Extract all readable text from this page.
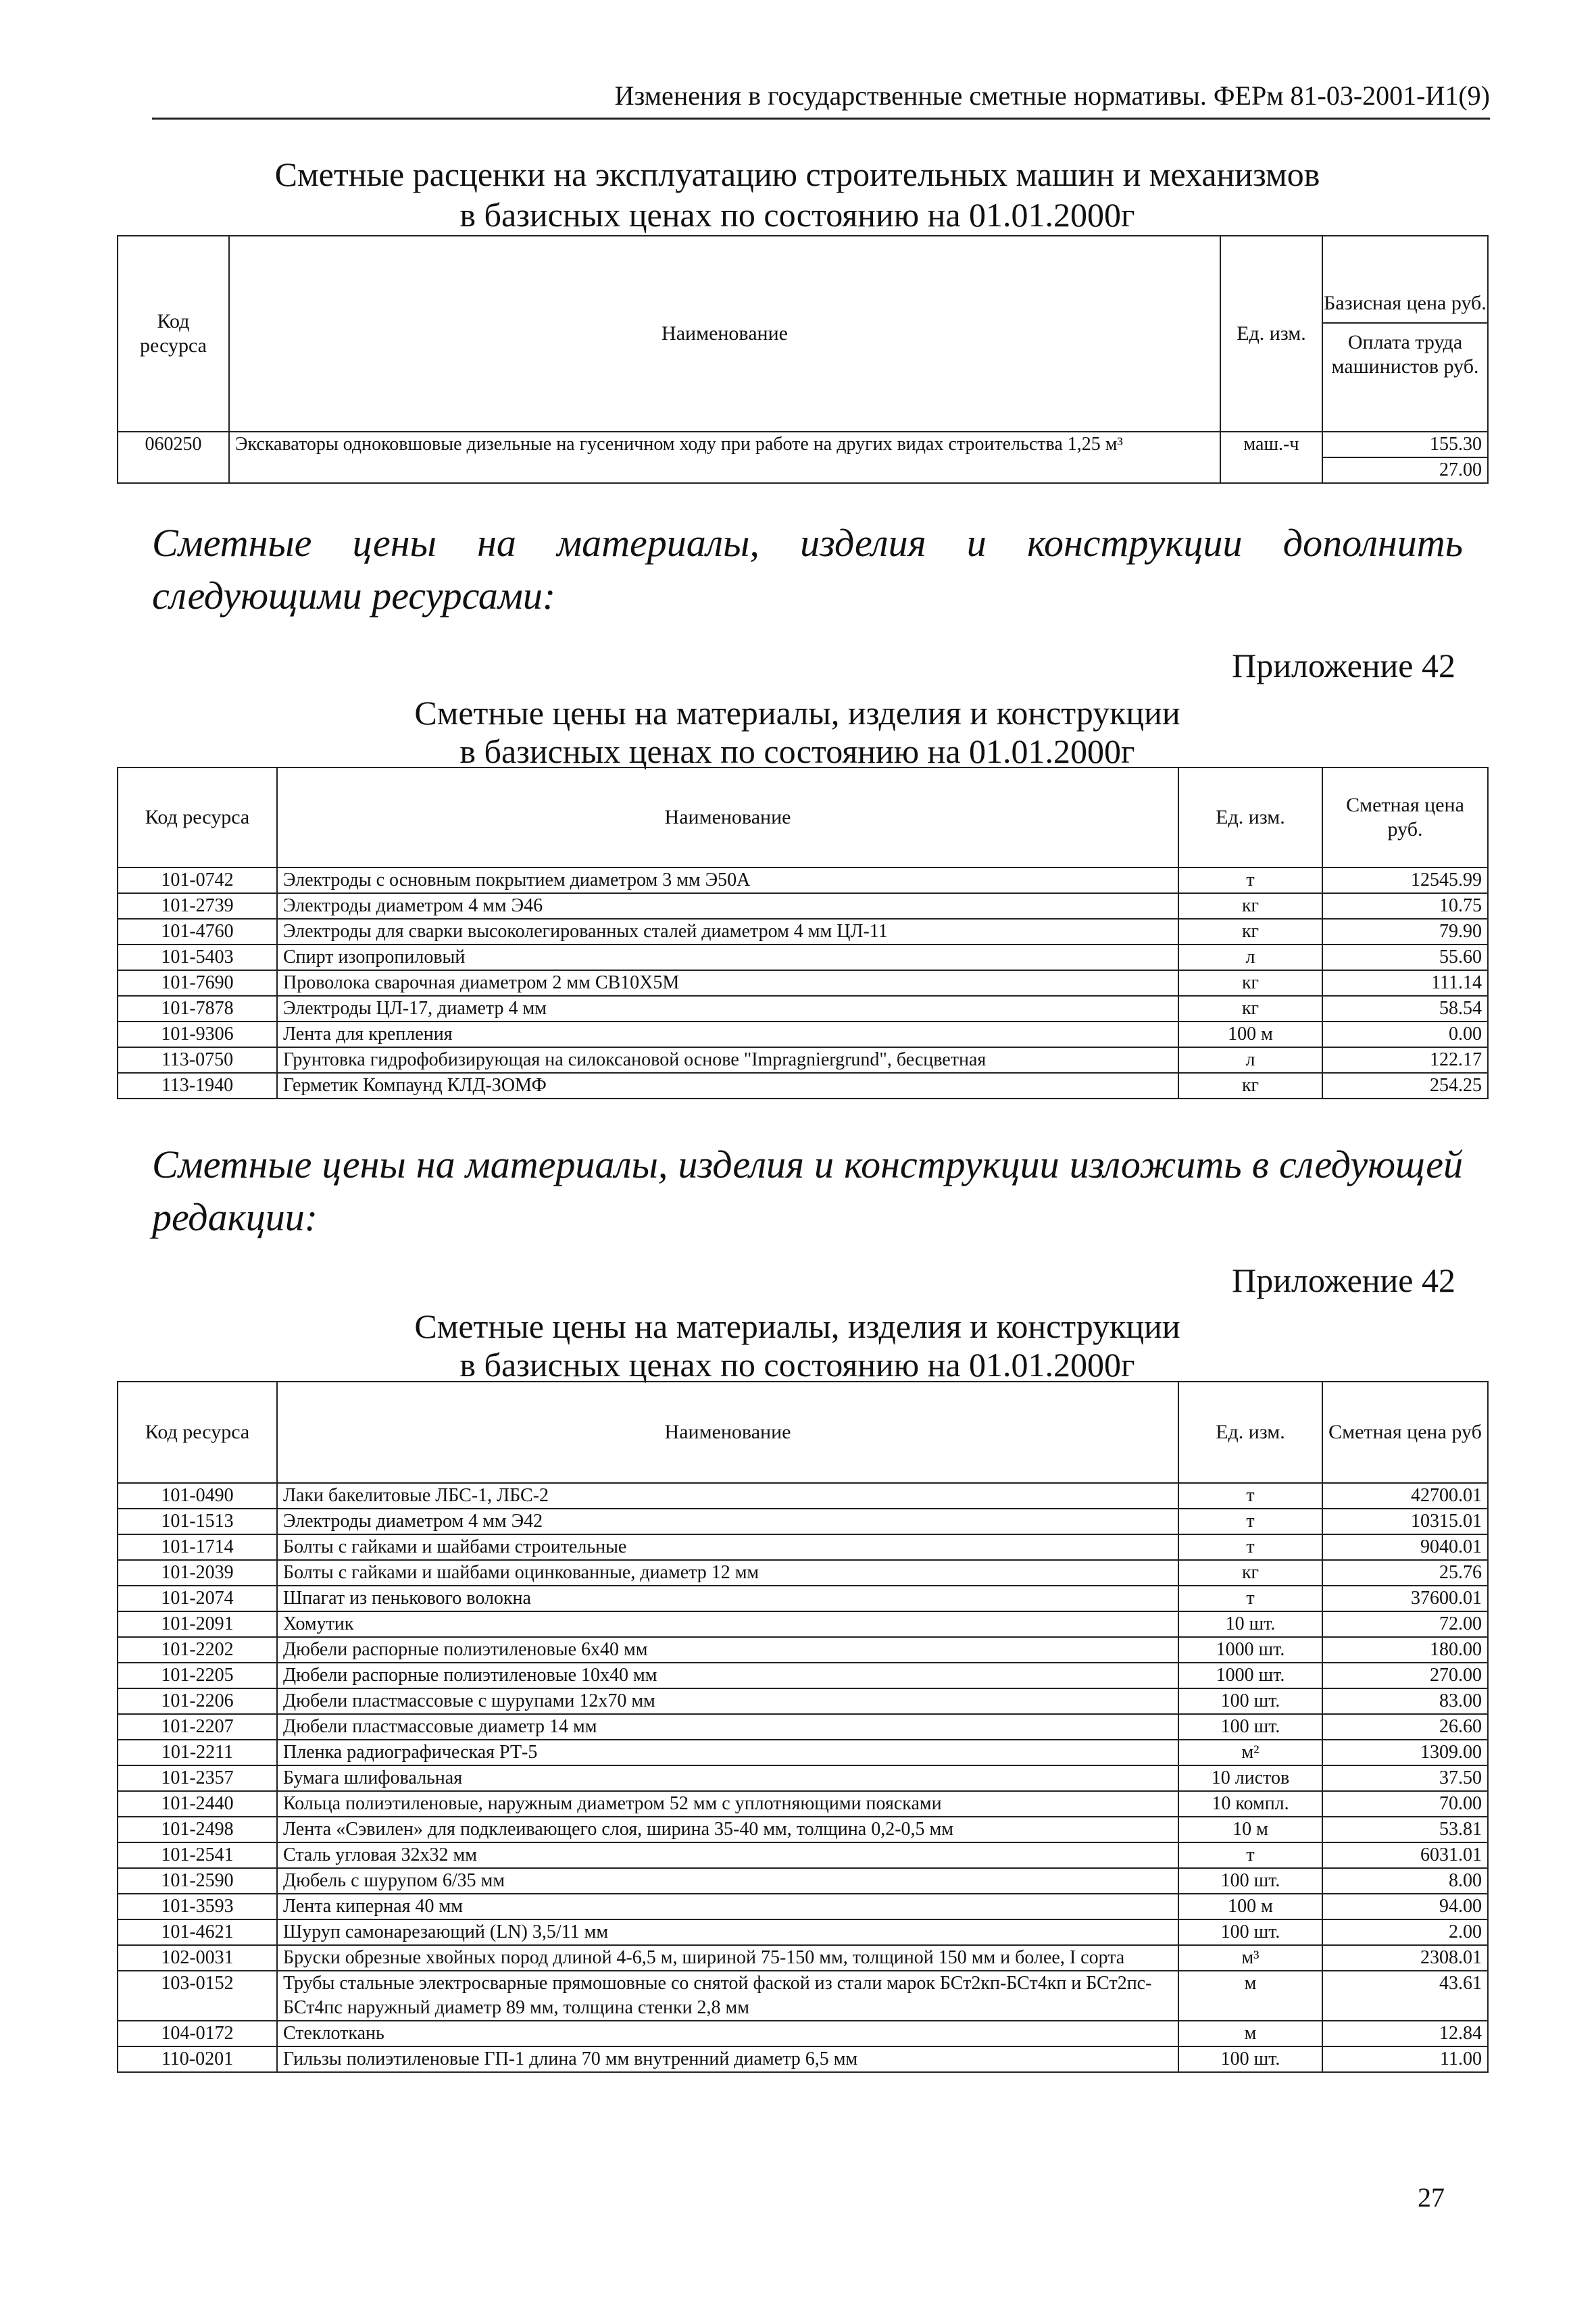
Изменения в государственные сметные нормативы. ФЕРм 81-03-2001-И1(9)
Сметные расценки на эксплуатацию строительных машин и механизмов
в базисных ценах по состоянию на 01.01.2000г
Код ресурса	Наименование	Ед. изм.	Базисная цена руб.
Оплата труда машинистов руб.

060250	Экскаваторы одноковшовые дизельные на гусеничном ходу при работе на других видах строительства 1,25 м³	маш.-ч	155.30
27.00
Сметные цены на материалы, изделия и конструкции дополнить
следующими ресурсами:
Приложение 42
Сметные цены на материалы, изделия и конструкции
в базисных ценах по состоянию на 01.01.2000г
Код ресурса	Наименование	Ед. изм.	Сметная цена руб.
101-0742	Электроды с основным покрытием диаметром 3 мм Э50А	т	12545.99
101-2739	Электроды диаметром 4 мм Э46	кг	10.75
101-4760	Электроды для сварки высоколегированных сталей диаметром 4 мм ЦЛ-11	кг	79.90
101-5403	Спирт изопропиловый	л	55.60
101-7690	Проволока сварочная диаметром 2 мм СВ10Х5М	кг	111.14
101-7878	Электроды ЦЛ-17, диаметр 4 мм	кг	58.54
101-9306	Лента для крепления	100 м	0.00
113-0750	Грунтовка гидрофобизирующая на силоксановой основе "Impragniergrund", бесцветная	л	122.17
113-1940	Герметик Компаунд КЛД-ЗОМФ	кг	254.25
Сметные цены на материалы, изделия и конструкции изложить в следующей
редакции:
Приложение 42
Сметные цены на материалы, изделия и конструкции
в базисных ценах по состоянию на 01.01.2000г
Код ресурса	Наименование	Ед. изм.	Сметная цена руб
101-0490	Лаки бакелитовые ЛБС-1, ЛБС-2	т	42700.01
101-1513	Электроды диаметром 4 мм Э42	т	10315.01
101-1714	Болты с гайками и шайбами строительные	т	9040.01
101-2039	Болты с гайками и шайбами оцинкованные, диаметр 12 мм	кг	25.76
101-2074	Шпагат из пенькового волокна	т	37600.01
101-2091	Хомутик	10 шт.	72.00
101-2202	Дюбели распорные полиэтиленовые 6х40 мм	1000 шт.	180.00
101-2205	Дюбели распорные полиэтиленовые 10х40 мм	1000 шт.	270.00
101-2206	Дюбели пластмассовые с шурупами 12х70 мм	100 шт.	83.00
101-2207	Дюбели пластмассовые диаметр 14 мм	100 шт.	26.60
101-2211	Пленка радиографическая РТ-5	м²	1309.00
101-2357	Бумага шлифовальная	10 листов	37.50
101-2440	Кольца полиэтиленовые, наружным диаметром 52 мм с уплотняющими поясками	10 компл.	70.00
101-2498	Лента «Сэвилен» для подклеивающего слоя, ширина 35-40 мм, толщина 0,2-0,5 мм	10 м	53.81
101-2541	Сталь угловая 32х32 мм	т	6031.01
101-2590	Дюбель с шурупом 6/35 мм	100 шт.	8.00
101-3593	Лента киперная 40 мм	100 м	94.00
101-4621	Шуруп самонарезающий (LN) 3,5/11 мм	100 шт.	2.00
102-0031	Бруски обрезные хвойных пород длиной 4-6,5 м, шириной 75-150 мм, толщиной 150 мм и более, I сорта	м³	2308.01
103-0152	Трубы стальные электросварные прямошовные со снятой фаской из стали марок БСт2кп-БСт4кп и БСт2пс-БСт4пс наружный диаметр 89 мм, толщина стенки 2,8 мм	м	43.61
104-0172	Стеклоткань	м	12.84
110-0201	Гильзы полиэтиленовые ГП-1 длина 70 мм внутренний диаметр 6,5 мм	100 шт.	11.00
27
